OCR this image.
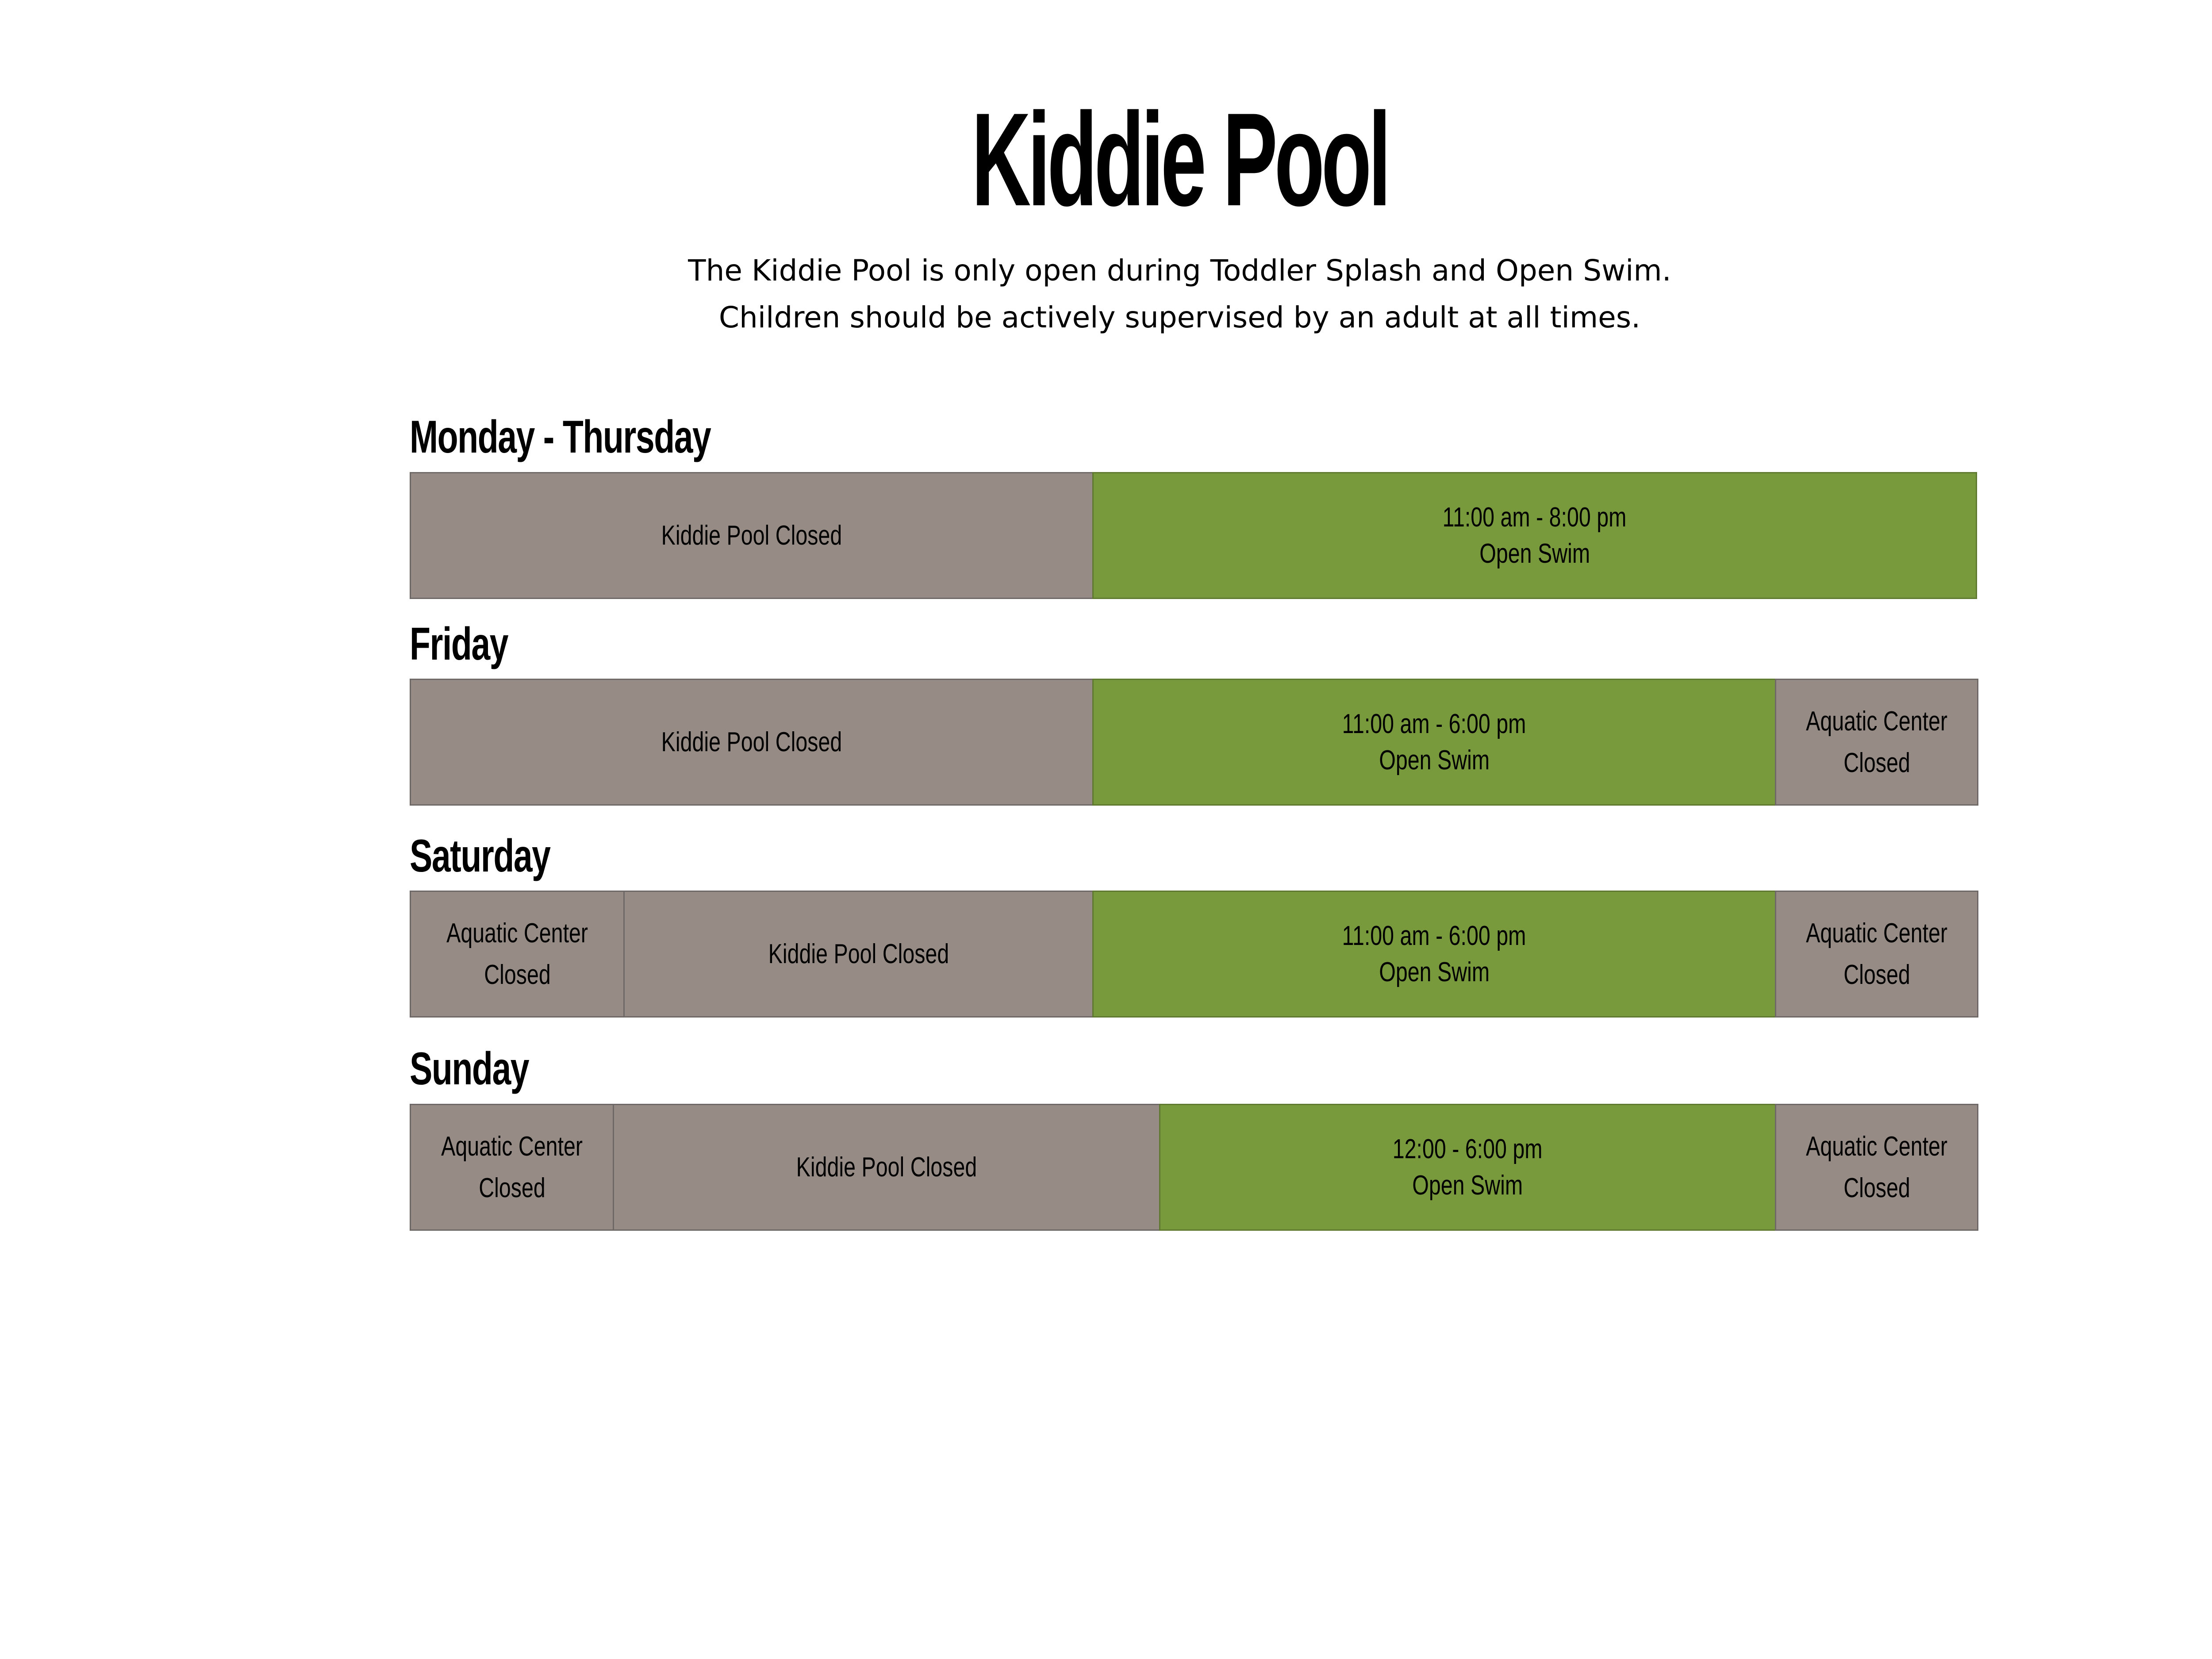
Kiddie Pool
The Kiddie Pool is only open during Toddler Splash and Open Swim.
Children should be actively supervised by an adult at all times.
Monday - Thursday
Kiddie Pool Closed
11:00 am - 8:00 pm
Open Swim
Friday
Kiddie Pool Closed
11:00 am - 6:00 pm
Open Swim
Aquatic Center
Closed
Saturday
Aquatic Center
Closed
Kiddie Pool Closed
11:00 am - 6:00 pm
Open Swim
Aquatic Center
Closed
Sunday
Aquatic Center
Closed
Kiddie Pool Closed
12:00 - 6:00 pm
Open Swim
Aquatic Center
Closed
